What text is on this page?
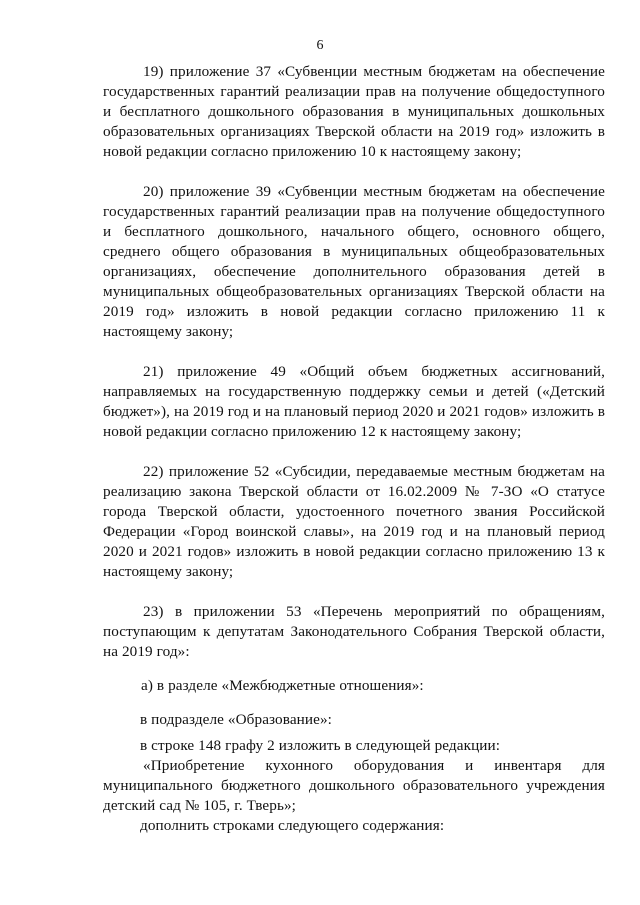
6

19) приложение 37 «Субвенции местным бюджетам на обеспечение государственных гарантий реализации прав на получение общедоступного и бесплатного дошкольного образования в муниципальных дошкольных образовательных организациях Тверской области на 2019 год» изложить в новой редакции согласно приложению 10 к настоящему закону;

20) приложение 39 «Субвенции местным бюджетам на обеспечение государственных гарантий реализации прав на получение общедоступного и бесплатного дошкольного, начального общего, основного общего, среднего общего образования в муниципальных общеобразовательных организациях, обеспечение дополнительного образования детей в муниципальных общеобразовательных организациях Тверской области на 2019 год» изложить в новой редакции согласно приложению 11 к настоящему закону;

21) приложение 49 «Общий объем бюджетных ассигнований, направляемых на государственную поддержку семьи и детей («Детский бюджет»), на 2019 год и на плановый период 2020 и 2021 годов» изложить в новой редакции согласно приложению 12 к настоящему закону;

22) приложение 52 «Субсидии, передаваемые местным бюджетам на реализацию закона Тверской области от 16.02.2009 № 7-ЗО «О статусе города Тверской области, удостоенного почетного звания Российской Федерации «Город воинской славы», на 2019 год и на плановый период 2020 и 2021 годов» изложить в новой редакции согласно приложению 13 к настоящему закону;

23) в приложении 53 «Перечень мероприятий по обращениям, поступающим к депутатам Законодательного Собрания Тверской области, на 2019 год»:

а) в разделе «Межбюджетные отношения»:

в подразделе «Образование»:

в строке 148 графу 2 изложить в следующей редакции:

«Приобретение кухонного оборудования и инвентаря для муниципального бюджетного дошкольного образовательного учреждения детский сад № 105, г. Тверь»;

дополнить строками следующего содержания:
